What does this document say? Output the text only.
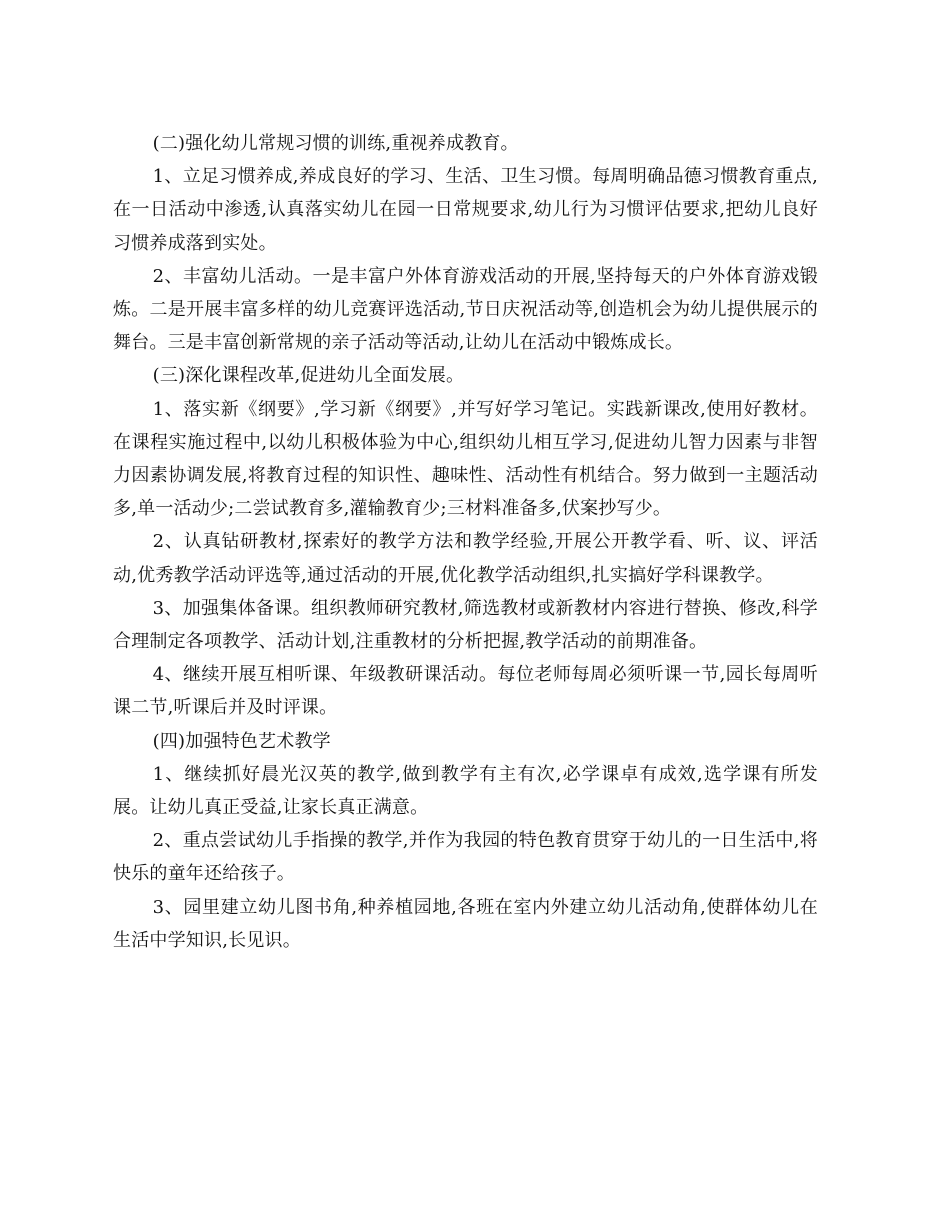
(二)强化幼儿常规习惯的训练,重视养成教育。

1、立足习惯养成,养成良好的学习、生活、卫生习惯。每周明确品德习惯教育重点,在一日活动中渗透,认真落实幼儿在园一日常规要求,幼儿行为习惯评估要求,把幼儿良好习惯养成落到实处。

2、丰富幼儿活动。一是丰富户外体育游戏活动的开展,坚持每天的户外体育游戏锻炼。二是开展丰富多样的幼儿竞赛评选活动,节日庆祝活动等,创造机会为幼儿提供展示的舞台。三是丰富创新常规的亲子活动等活动,让幼儿在活动中锻炼成长。

(三)深化课程改革,促进幼儿全面发展。

1、落实新《纲要》,学习新《纲要》,并写好学习笔记。实践新课改,使用好教材。在课程实施过程中,以幼儿积极体验为中心,组织幼儿相互学习,促进幼儿智力因素与非智力因素协调发展,将教育过程的知识性、趣味性、活动性有机结合。努力做到一主题活动多,单一活动少;二尝试教育多,灌输教育少;三材料准备多,伏案抄写少。

2、认真钻研教材,探索好的教学方法和教学经验,开展公开教学看、听、议、评活动,优秀教学活动评选等,通过活动的开展,优化教学活动组织,扎实搞好学科课教学。

3、加强集体备课。组织教师研究教材,筛选教材或新教材内容进行替换、修改,科学合理制定各项教学、活动计划,注重教材的分析把握,教学活动的前期准备。

4、继续开展互相听课、年级教研课活动。每位老师每周必须听课一节,园长每周听课二节,听课后并及时评课。

(四)加强特色艺术教学

1、继续抓好晨光汉英的教学,做到教学有主有次,必学课卓有成效,选学课有所发展。让幼儿真正受益,让家长真正满意。

2、重点尝试幼儿手指操的教学,并作为我园的特色教育贯穿于幼儿的一日生活中,将快乐的童年还给孩子。

3、园里建立幼儿图书角,种养植园地,各班在室内外建立幼儿活动角,使群体幼儿在生活中学知识,长见识。
